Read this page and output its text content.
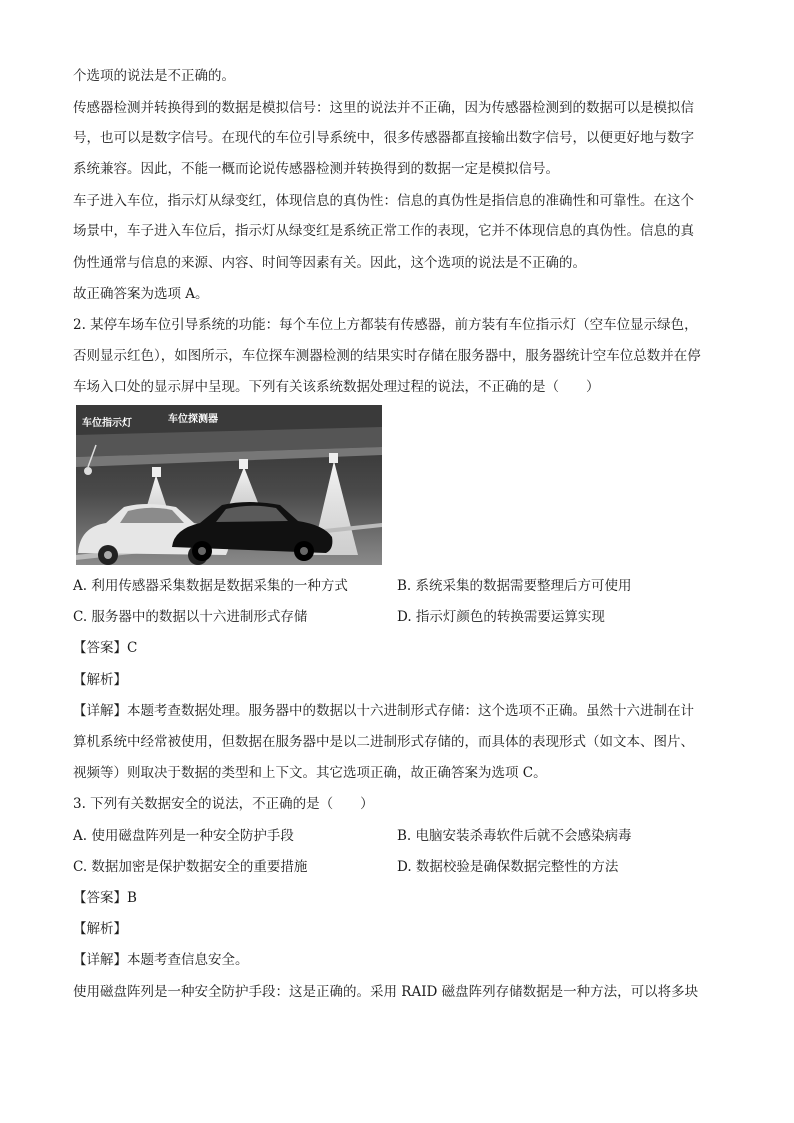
个选项的说法是不正确的。
传感器检测并转换得到的数据是模拟信号：这里的说法并不正确，因为传感器检测到的数据可以是模拟信
号，也可以是数字信号。在现代的车位引导系统中，很多传感器都直接输出数字信号，以便更好地与数字
系统兼容。因此，不能一概而论说传感器检测并转换得到的数据一定是模拟信号。
车子进入车位，指示灯从绿变红，体现信息的真伪性：信息的真伪性是指信息的准确性和可靠性。在这个
场景中，车子进入车位后，指示灯从绿变红是系统正常工作的表现，它并不体现信息的真伪性。信息的真
伪性通常与信息的来源、内容、时间等因素有关。因此，这个选项的说法是不正确的。
故正确答案为选项 A。
2. 某停车场车位引导系统的功能：每个车位上方都装有传感器，前方装有车位指示灯（空车位显示绿色，
否则显示红色），如图所示，车位探车测器检测的结果实时存储在服务器中，服务器统计空车位总数并在停
车场入口处的显示屏中呈现。下列有关该系统数据处理过程的说法，不正确的是（　　）
车位指示灯	车位探测器
A. 利用传感器采集数据是数据采集的一种方式	B. 系统采集的数据需要整理后方可使用
C. 服务器中的数据以十六进制形式存储	D. 指示灯颜色的转换需要运算实现
【答案】C
【解析】
【详解】本题考查数据处理。服务器中的数据以十六进制形式存储：这个选项不正确。虽然十六进制在计
算机系统中经常被使用，但数据在服务器中是以二进制形式存储的，而具体的表现形式（如文本、图片、
视频等）则取决于数据的类型和上下文。其它选项正确，故正确答案为选项 C。
3. 下列有关数据安全的说法，不正确的是（　　）
A. 使用磁盘阵列是一种安全防护手段	B. 电脑安装杀毒软件后就不会感染病毒
C. 数据加密是保护数据安全的重要措施	D. 数据校验是确保数据完整性的方法
【答案】B
【解析】
【详解】本题考查信息安全。
使用磁盘阵列是一种安全防护手段：这是正确的。采用 RAID 磁盘阵列存储数据是一种方法，可以将多块
